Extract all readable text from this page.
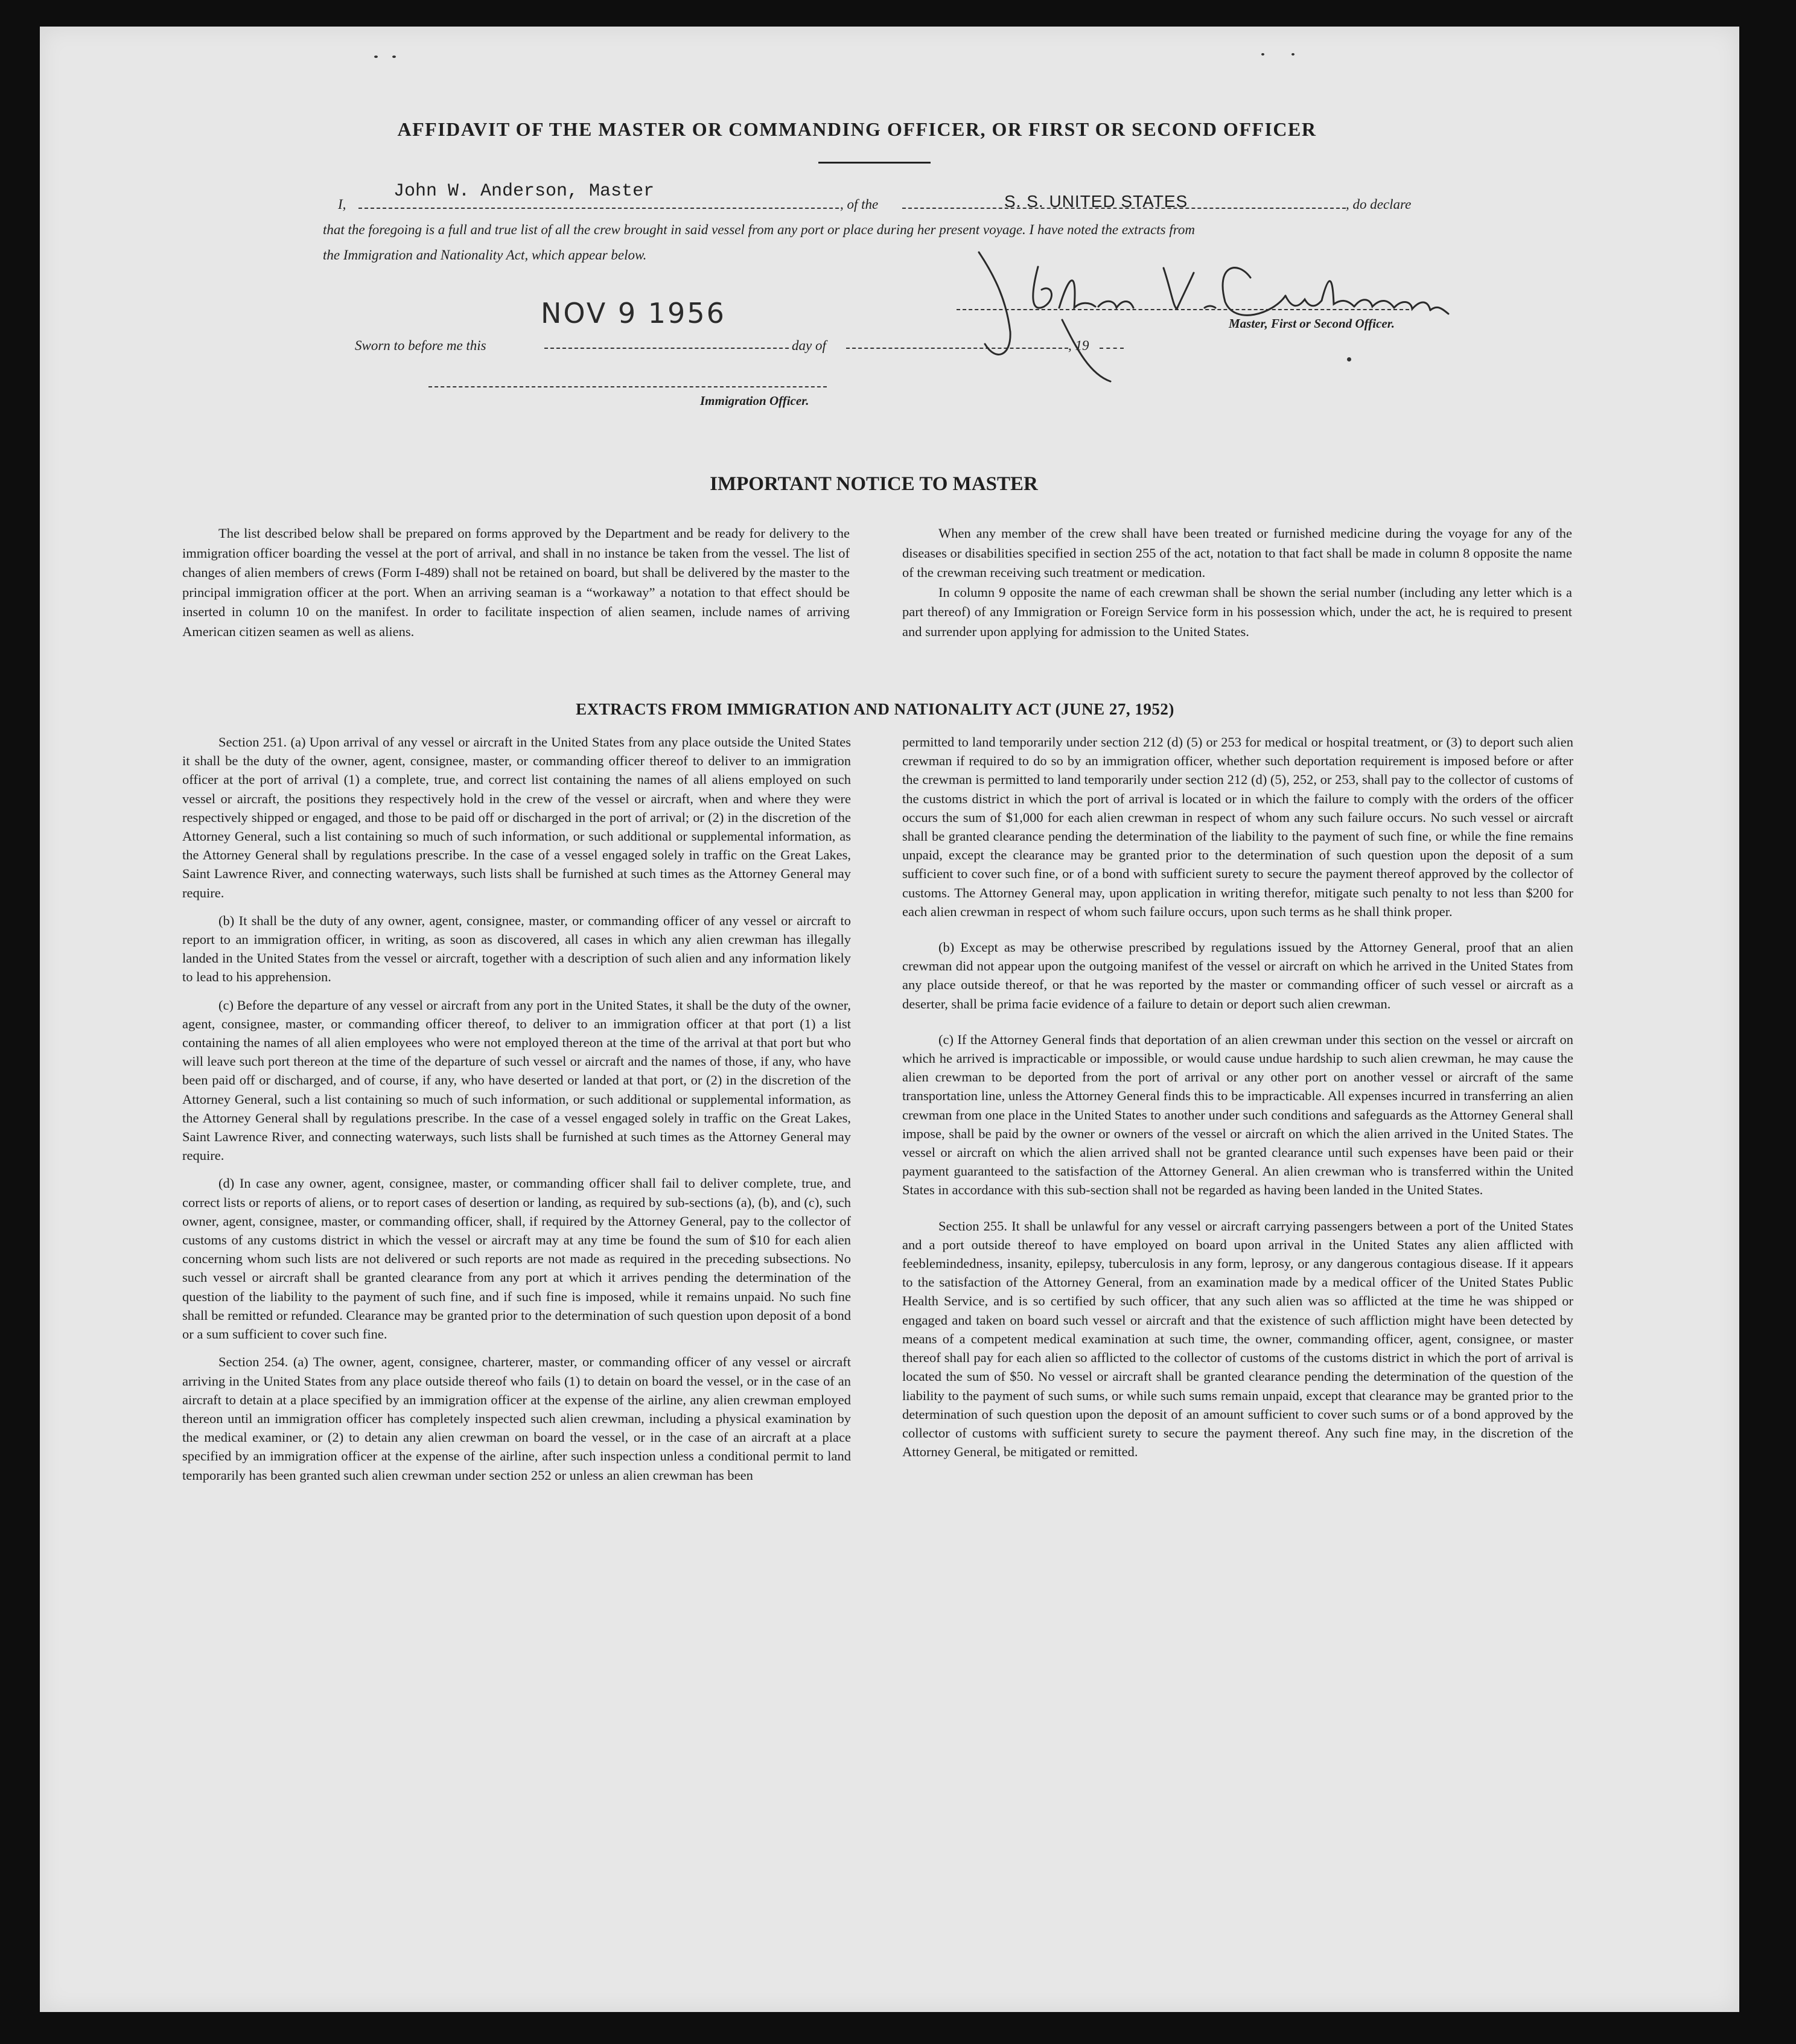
AFFIDAVIT OF THE MASTER OR COMMANDING OFFICER, OR FIRST OR SECOND OFFICER
I,
John W. Anderson, Master
, of the	S. S. UNITED STATES	, do declare
that the foregoing is a full and true list of all the crew brought in said vessel from any port or place during her present voyage. I have noted the extracts from
the Immigration and Nationality Act, which appear below.
NOV 9 1956
Sworn to before me this	day of	, 19
Master, First or Second Officer.
Immigration Officer.
IMPORTANT NOTICE TO MASTER

The list described below shall be prepared on forms approved by the Department and be ready for delivery to the immigration officer boarding the vessel at the port of arrival, and shall in no instance be taken from the vessel. The list of changes of alien members of crews (Form I-489) shall not be retained on board, but shall be delivered by the master to the principal immigration officer at the port. When an arriving seaman is a “workaway” a notation to that effect should be inserted in column 10 on the manifest. In order to facilitate inspection of alien seamen, include names of arriving American citizen seamen as well as aliens.

When any member of the crew shall have been treated or furnished medicine during the voyage for any of the diseases or disabilities specified in section 255 of the act, notation to that fact shall be made in column 8 opposite the name of the crewman receiving such treatment or medication.

In column 9 opposite the name of each crewman shall be shown the serial number (including any letter which is a part thereof) of any Immigration or Foreign Service form in his possession which, under the act, he is required to present and surrender upon applying for admission to the United States.

EXTRACTS FROM IMMIGRATION AND NATIONALITY ACT (JUNE 27, 1952)

Section 251. (a) Upon arrival of any vessel or aircraft in the United States from any place outside the United States it shall be the duty of the owner, agent, consignee, master, or commanding officer thereof to deliver to an immigration officer at the port of arrival (1) a complete, true, and correct list containing the names of all aliens employed on such vessel or aircraft, the positions they respectively hold in the crew of the vessel or aircraft, when and where they were respectively shipped or engaged, and those to be paid off or discharged in the port of arrival; or (2) in the discretion of the Attorney General, such a list containing so much of such information, or such additional or supplemental information, as the Attorney General shall by regulations prescribe. In the case of a vessel engaged solely in traffic on the Great Lakes, Saint Lawrence River, and connecting waterways, such lists shall be furnished at such times as the Attorney General may require.

(b) It shall be the duty of any owner, agent, consignee, master, or commanding officer of any vessel or aircraft to report to an immigration officer, in writing, as soon as discovered, all cases in which any alien crewman has illegally landed in the United States from the vessel or aircraft, together with a description of such alien and any information likely to lead to his apprehension.

(c) Before the departure of any vessel or aircraft from any port in the United States, it shall be the duty of the owner, agent, consignee, master, or commanding officer thereof, to deliver to an immigration officer at that port (1) a list containing the names of all alien employees who were not employed thereon at the time of the arrival at that port but who will leave such port thereon at the time of the departure of such vessel or aircraft and the names of those, if any, who have been paid off or discharged, and of course, if any, who have deserted or landed at that port, or (2) in the discretion of the Attorney General, such a list containing so much of such information, or such additional or supplemental information, as the Attorney General shall by regulations prescribe. In the case of a vessel engaged solely in traffic on the Great Lakes, Saint Lawrence River, and connecting waterways, such lists shall be furnished at such times as the Attorney General may require.

(d) In case any owner, agent, consignee, master, or commanding officer shall fail to deliver complete, true, and correct lists or reports of aliens, or to report cases of desertion or landing, as required by sub-sections (a), (b), and (c), such owner, agent, consignee, master, or commanding officer, shall, if required by the Attorney General, pay to the collector of customs of any customs district in which the vessel or aircraft may at any time be found the sum of $10 for each alien concerning whom such lists are not delivered or such reports are not made as required in the preceding subsections. No such vessel or aircraft shall be granted clearance from any port at which it arrives pending the determination of the question of the liability to the payment of such fine, and if such fine is imposed, while it remains unpaid. No such fine shall be remitted or refunded. Clearance may be granted prior to the determination of such question upon deposit of a bond or a sum sufficient to cover such fine.

Section 254. (a) The owner, agent, consignee, charterer, master, or commanding officer of any vessel or aircraft arriving in the United States from any place outside thereof who fails (1) to detain on board the vessel, or in the case of an aircraft to detain at a place specified by an immigration officer at the expense of the airline, any alien crewman employed thereon until an immigration officer has completely inspected such alien crewman, including a physical examination by the medical examiner, or (2) to detain any alien crewman on board the vessel, or in the case of an aircraft at a place specified by an immigration officer at the expense of the airline, after such inspection unless a conditional permit to land temporarily has been granted such alien crewman under section 252 or unless an alien crewman has been

permitted to land temporarily under section 212 (d) (5) or 253 for medical or hospital treatment, or (3) to deport such alien crewman if required to do so by an immigration officer, whether such deportation requirement is imposed before or after the crewman is permitted to land temporarily under section 212 (d) (5), 252, or 253, shall pay to the collector of customs of the customs district in which the port of arrival is located or in which the failure to comply with the orders of the officer occurs the sum of $1,000 for each alien crewman in respect of whom any such failure occurs. No such vessel or aircraft shall be granted clearance pending the determination of the liability to the payment of such fine, or while the fine remains unpaid, except the clearance may be granted prior to the determination of such question upon the deposit of a sum sufficient to cover such fine, or of a bond with sufficient surety to secure the payment thereof approved by the collector of customs. The Attorney General may, upon application in writing therefor, mitigate such penalty to not less than $200 for each alien crewman in respect of whom such failure occurs, upon such terms as he shall think proper.

(b) Except as may be otherwise prescribed by regulations issued by the Attorney General, proof that an alien crewman did not appear upon the outgoing manifest of the vessel or aircraft on which he arrived in the United States from any place outside thereof, or that he was reported by the master or commanding officer of such vessel or aircraft as a deserter, shall be prima facie evidence of a failure to detain or deport such alien crewman.

(c) If the Attorney General finds that deportation of an alien crewman under this section on the vessel or aircraft on which he arrived is impracticable or impossible, or would cause undue hardship to such alien crewman, he may cause the alien crewman to be deported from the port of arrival or any other port on another vessel or aircraft of the same transportation line, unless the Attorney General finds this to be impracticable. All expenses incurred in transferring an alien crewman from one place in the United States to another under such conditions and safeguards as the Attorney General shall impose, shall be paid by the owner or owners of the vessel or aircraft on which the alien arrived in the United States. The vessel or aircraft on which the alien arrived shall not be granted clearance until such expenses have been paid or their payment guaranteed to the satisfaction of the Attorney General. An alien crewman who is transferred within the United States in accordance with this sub-section shall not be regarded as having been landed in the United States.

Section 255. It shall be unlawful for any vessel or aircraft carrying passengers between a port of the United States and a port outside thereof to have employed on board upon arrival in the United States any alien afflicted with feeblemindedness, insanity, epilepsy, tuberculosis in any form, leprosy, or any dangerous contagious disease. If it appears to the satisfaction of the Attorney General, from an examination made by a medical officer of the United States Public Health Service, and is so certified by such officer, that any such alien was so afflicted at the time he was shipped or engaged and taken on board such vessel or aircraft and that the existence of such affliction might have been detected by means of a competent medical examination at such time, the owner, commanding officer, agent, consignee, or master thereof shall pay for each alien so afflicted to the collector of customs of the customs district in which the port of arrival is located the sum of $50. No vessel or aircraft shall be granted clearance pending the determination of the question of the liability to the payment of such sums, or while such sums remain unpaid, except that clearance may be granted prior to the determination of such question upon the deposit of an amount sufficient to cover such sums or of a bond approved by the collector of customs with sufficient surety to secure the payment thereof. Any such fine may, in the discretion of the Attorney General, be mitigated or remitted.
